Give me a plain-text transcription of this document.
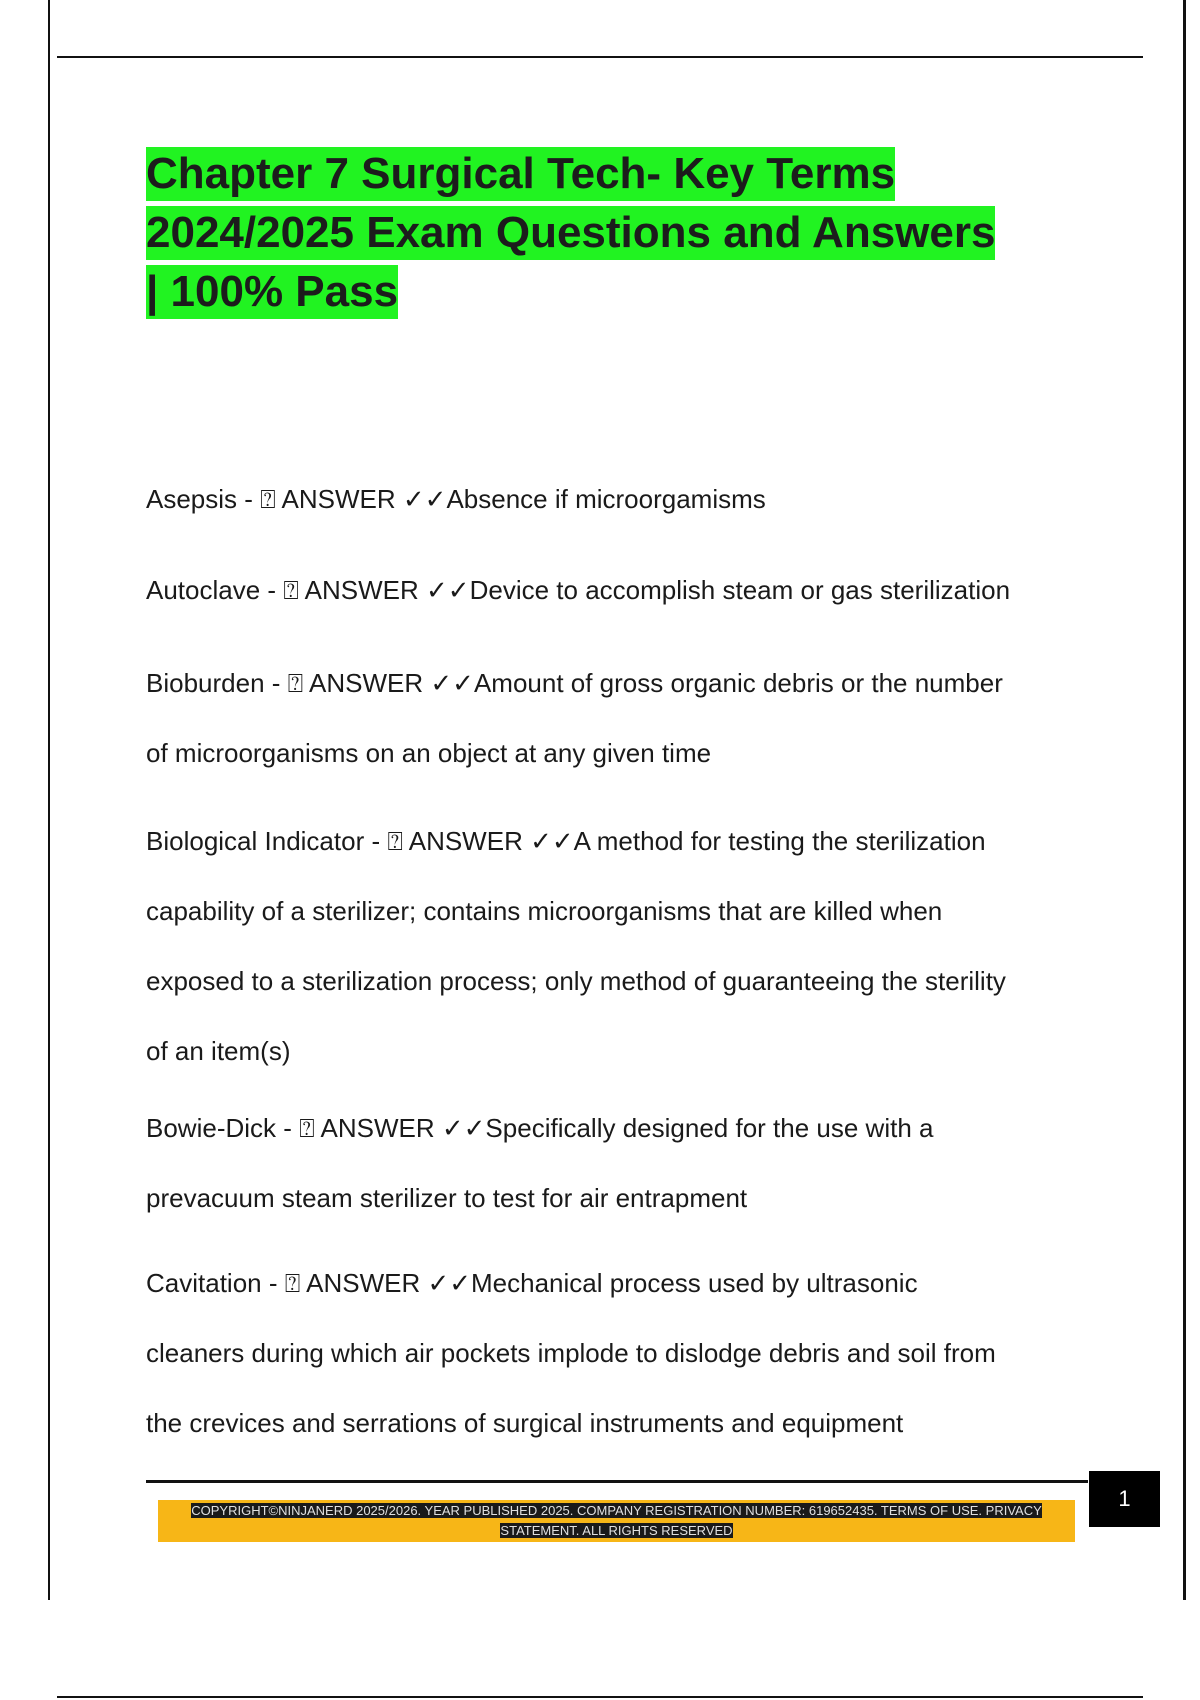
Chapter 7 Surgical Tech- Key Terms
2024/2025 Exam Questions and Answers
| 100% Pass

Asepsis - ⍰ ANSWER ✓✓Absence if microorgamisms

Autoclave - ⍰ ANSWER ✓✓Device to accomplish steam or gas sterilization

Bioburden - ⍰ ANSWER ✓✓Amount of gross organic debris or the number
of microorganisms on an object at any given time

Biological Indicator - ⍰ ANSWER ✓✓A method for testing the sterilization
capability of a sterilizer; contains microorganisms that are killed when
exposed to a sterilization process; only method of guaranteeing the sterility
of an item(s)

Bowie-Dick - ⍰ ANSWER ✓✓Specifically designed for the use with a
prevacuum steam sterilizer to test for air entrapment

Cavitation - ⍰ ANSWER ✓✓Mechanical process used by ultrasonic
cleaners during which air pockets implode to dislodge debris and soil from
the crevices and serrations of surgical instruments and equipment

COPYRIGHT©NINJANERD 2025/2026. YEAR PUBLISHED 2025. COMPANY REGISTRATION NUMBER: 619652435. TERMS OF USE. PRIVACY STATEMENT. ALL RIGHTS RESERVED
1
